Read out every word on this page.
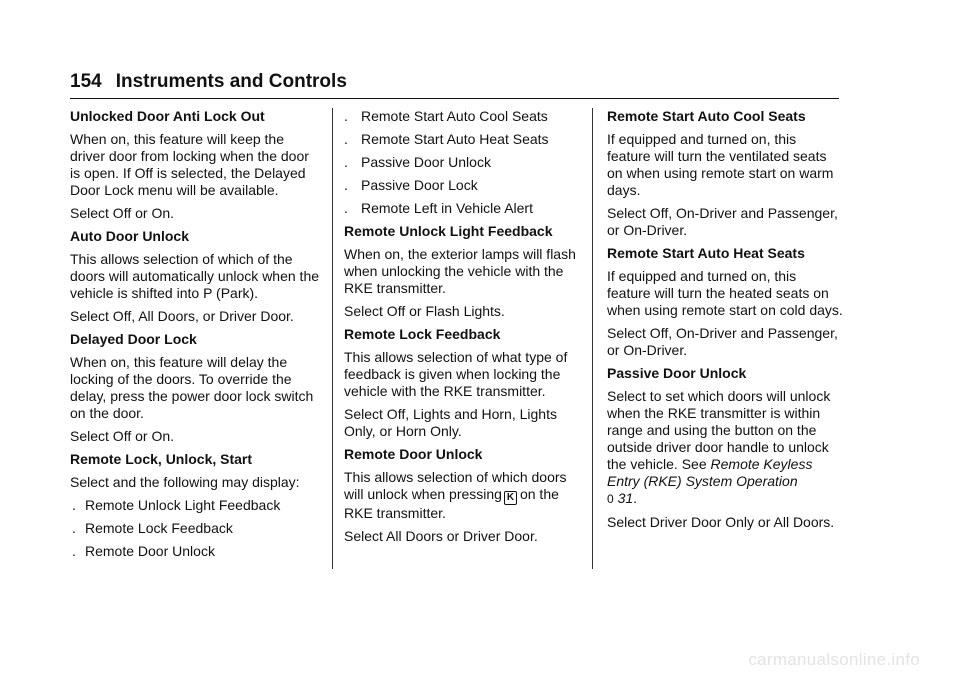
154 Instruments and Controls
Unlocked Door Anti Lock Out

When on, this feature will keep the driver door from locking when the door is open. If Off is selected, the Delayed Door Lock menu will be available.

Select Off or On.

Auto Door Unlock

This allows selection of which of the doors will automatically unlock when the vehicle is shifted into P (Park).

Select Off, All Doors, or Driver Door.

Delayed Door Lock

When on, this feature will delay the locking of the doors. To override the delay, press the power door lock switch on the door.

Select Off or On.

Remote Lock, Unlock, Start

Select and the following may display:

. Remote Unlock Light Feedback
. Remote Lock Feedback
. Remote Door Unlock
. Remote Start Auto Cool Seats
. Remote Start Auto Heat Seats
. Passive Door Unlock
. Passive Door Lock
. Remote Left in Vehicle Alert
Remote Unlock Light Feedback

When on, the exterior lamps will flash when unlocking the vehicle with the RKE transmitter.

Select Off or Flash Lights.

Remote Lock Feedback

This allows selection of what type of feedback is given when locking the vehicle with the RKE transmitter.

Select Off, Lights and Horn, Lights Only, or Horn Only.

Remote Door Unlock

This allows selection of which doors will unlock when pressing K on the RKE transmitter.

Select All Doors or Driver Door.

Remote Start Auto Cool Seats

If equipped and turned on, this feature will turn the ventilated seats on when using remote start on warm days.

Select Off, On-Driver and Passenger, or On-Driver.

Remote Start Auto Heat Seats

If equipped and turned on, this feature will turn the heated seats on when using remote start on cold days.

Select Off, On-Driver and Passenger, or On-Driver.

Passive Door Unlock

Select to set which doors will unlock when the RKE transmitter is within range and using the button on the outside driver door handle to unlock the vehicle. See Remote Keyless Entry (RKE) System Operation
0 31.

Select Driver Door Only or All Doors.

carmanualsonline.info
